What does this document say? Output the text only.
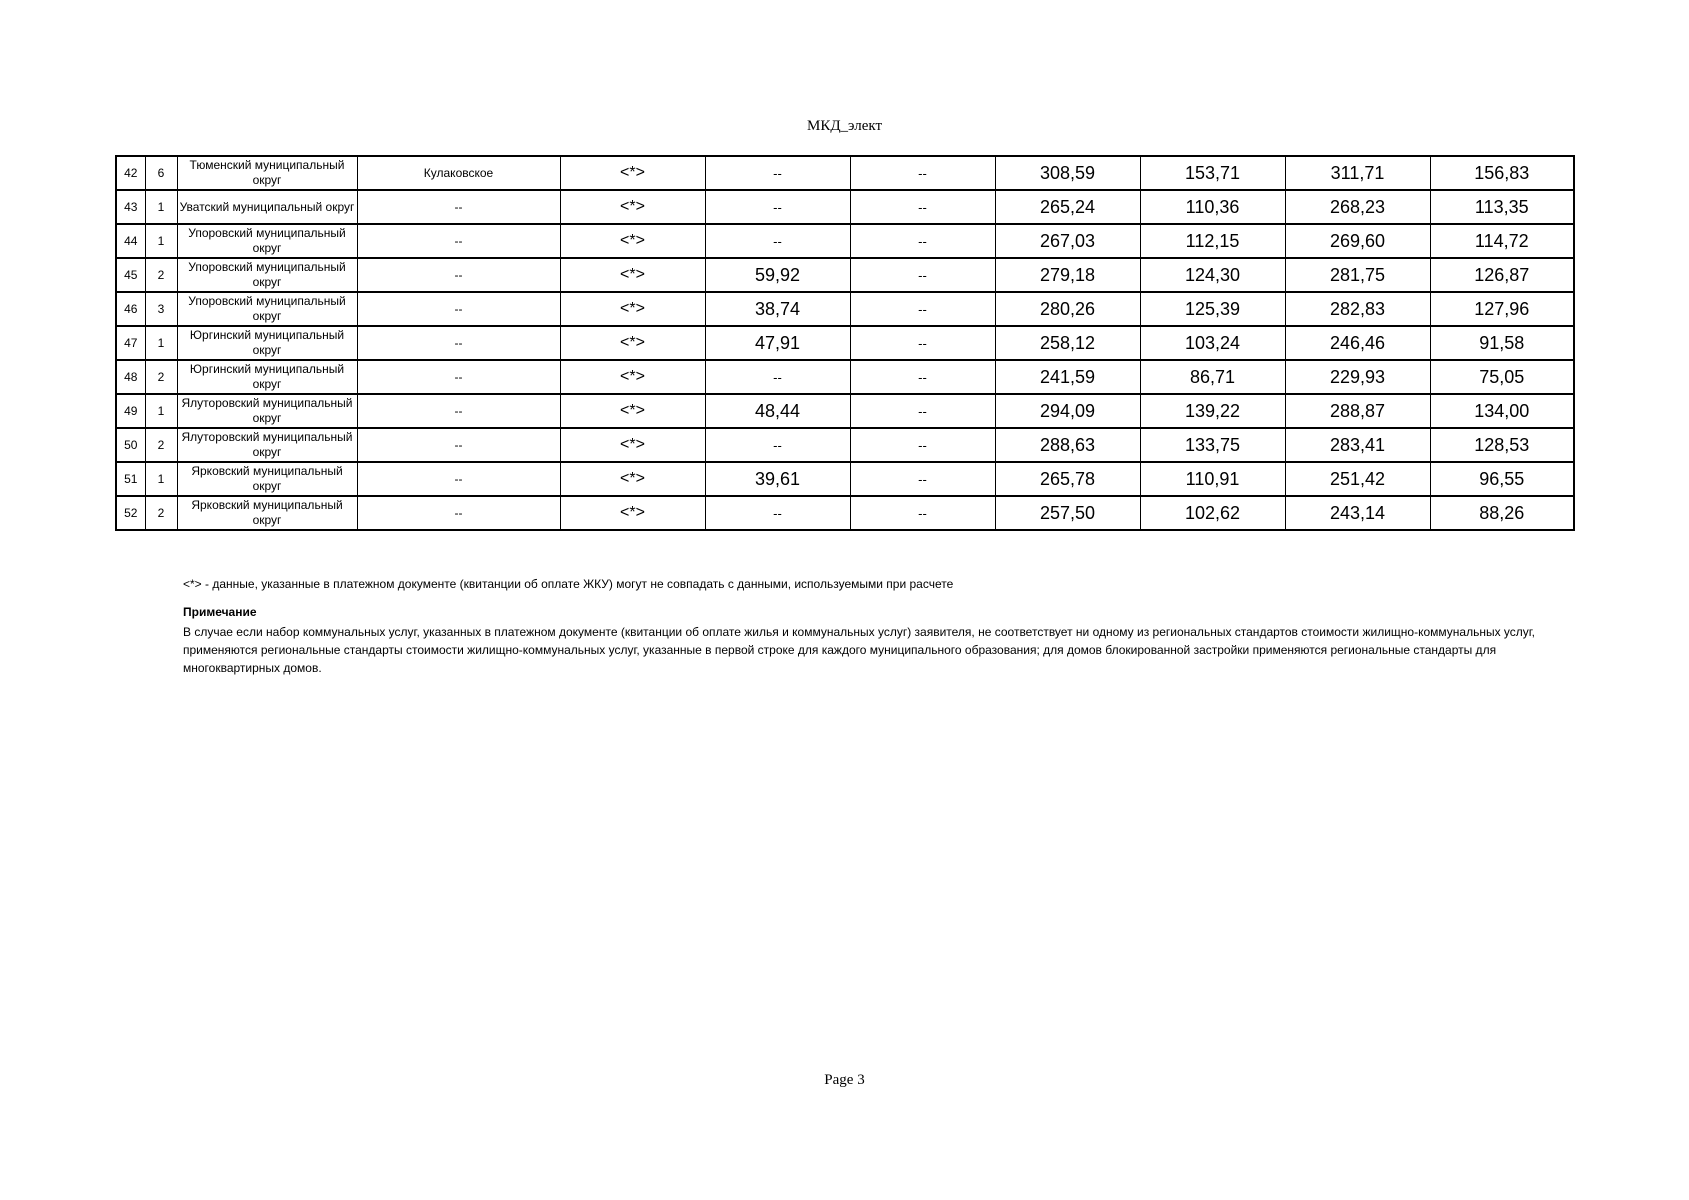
МКД_элект
42	6	Тюменский муниципальный округ	Кулаковское	<*>	--	--	308,59	153,71	311,71	156,83
43	1	Уватский муниципальный округ	--	<*>	--	--	265,24	110,36	268,23	113,35
44	1	Упоровский муниципальный округ	--	<*>	--	--	267,03	112,15	269,60	114,72
45	2	Упоровский муниципальный округ	--	<*>	59,92	--	279,18	124,30	281,75	126,87
46	3	Упоровский муниципальный округ	--	<*>	38,74	--	280,26	125,39	282,83	127,96
47	1	Юргинский муниципальный округ	--	<*>	47,91	--	258,12	103,24	246,46	91,58
48	2	Юргинский муниципальный округ	--	<*>	--	--	241,59	86,71	229,93	75,05
49	1	Ялуторовский муниципальный округ	--	<*>	48,44	--	294,09	139,22	288,87	134,00
50	2	Ялуторовский муниципальный округ	--	<*>	--	--	288,63	133,75	283,41	128,53
51	1	Ярковский муниципальный округ	--	<*>	39,61	--	265,78	110,91	251,42	96,55
52	2	Ярковский муниципальный округ	--	<*>	--	--	257,50	102,62	243,14	88,26
<*> - данные, указанные в платежном документе (квитанции об оплате ЖКУ) могут не совпадать с данными, используемыми при расчете
Примечание
В случае если набор коммунальных услуг, указанных в платежном документе (квитанции об оплате жилья и коммунальных услуг) заявителя, не соответствует ни одному из региональных стандартов стоимости жилищно-коммунальных услуг, применяются региональные стандарты стоимости жилищно-коммунальных услуг, указанные в первой строке для каждого муниципального образования; для домов блокированной застройки применяются региональные стандарты для многоквартирных домов.
Page 3
